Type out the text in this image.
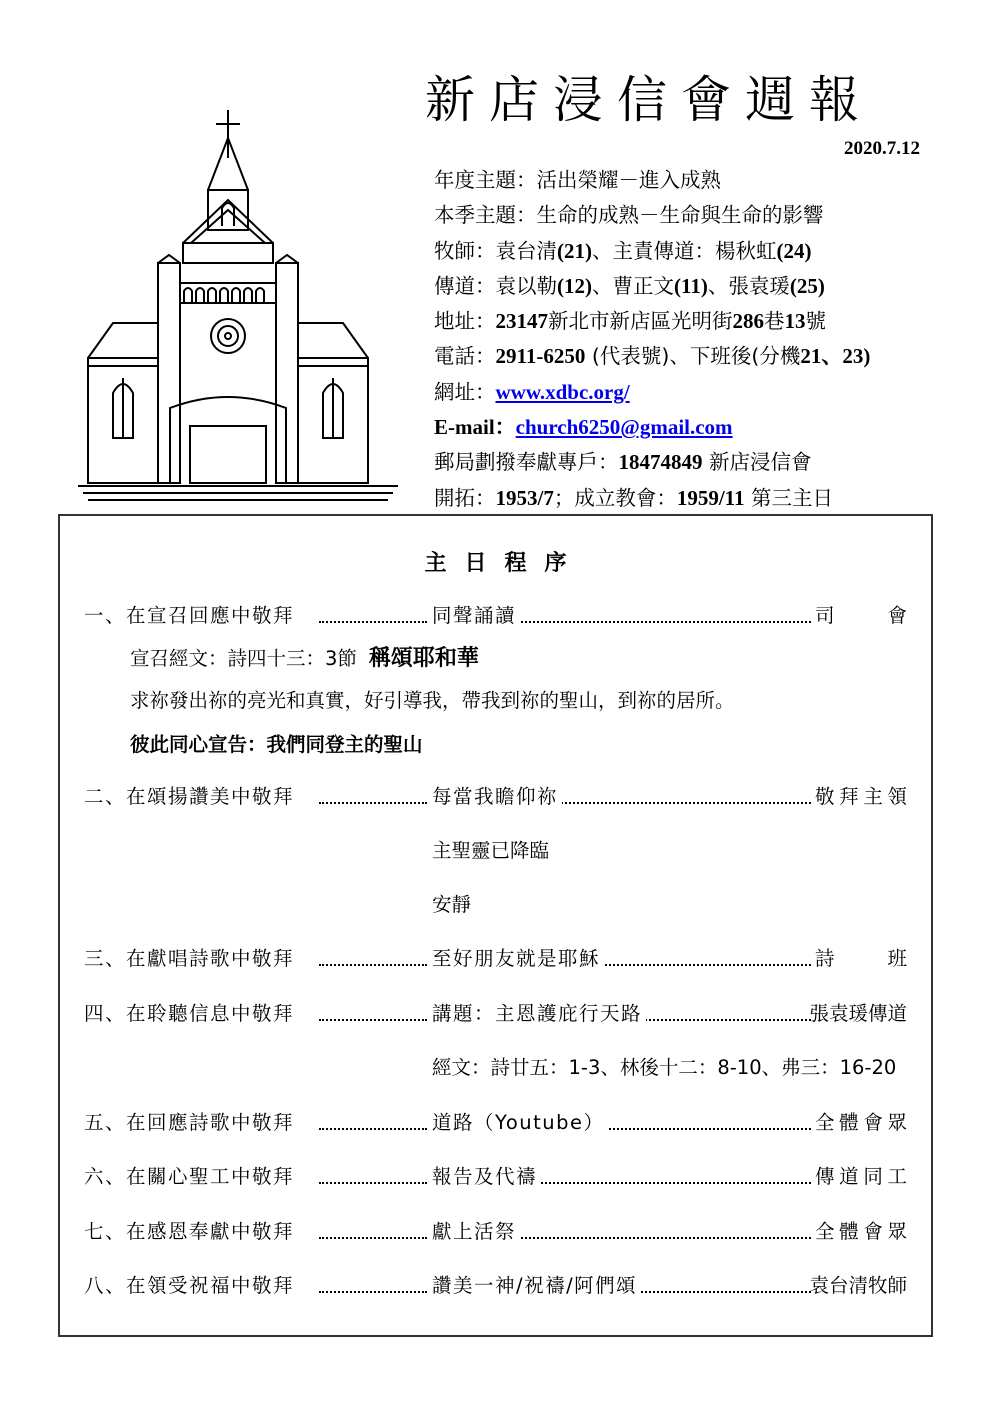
新店浸信會週報
2020.7.12
年度主題：活出榮耀－進入成熟
本季主題：生命的成熟－生命與生命的影響
牧師：袁台清(21)、主責傳道：楊秋虹(24)
傳道：袁以勒(12)、曹正文(11)、張袁瑗(25)
地址：23147新北市新店區光明街286巷13號
電話：2911-6250 (代表號)、下班後(分機21、23)
網址：www.xdbc.org/
E-mail：church6250@gmail.com
郵局劃撥奉獻專戶：18474849 新店浸信會
開拓：1953/7；成立教會：1959/11 第三主日
主日程序
一、在宣召回應中敬拜	同聲誦讀	司會
宣召經文：詩四十三：3節 稱頌耶和華
求祢發出祢的亮光和真實，好引導我，帶我到祢的聖山，到祢的居所。
彼此同心宣告：我們同登主的聖山
二、在頌揚讚美中敬拜	每當我瞻仰祢	敬拜主領
主聖靈已降臨
安靜
三、在獻唱詩歌中敬拜	至好朋友就是耶穌	詩班
四、在聆聽信息中敬拜	講題：主恩護庇行天路	張袁瑗傳道
經文：詩廿五：1-3、林後十二：8-10、弗三：16-20
五、在回應詩歌中敬拜	道路（Youtube）	全體會眾
六、在關心聖工中敬拜	報告及代禱	傳道同工
七、在感恩奉獻中敬拜	獻上活祭	全體會眾
八、在領受祝福中敬拜	讚美一神/祝禱/阿們頌	袁台清牧師
